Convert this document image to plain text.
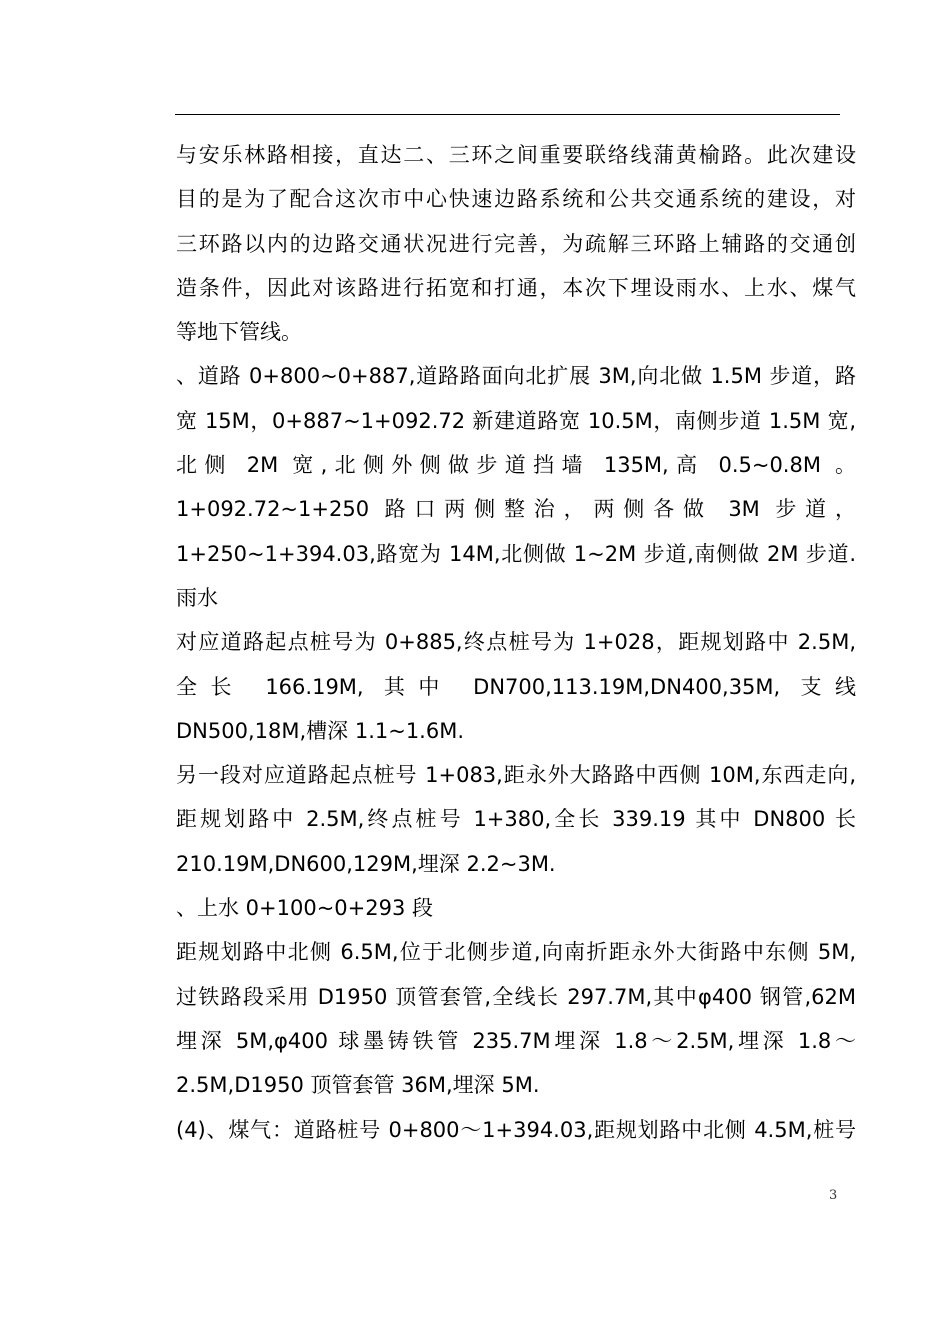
与安乐林路相接，直达二、三环之间重要联络线蒲黄榆路。此次建设
目的是为了配合这次市中心快速边路系统和公共交通系统的建设，对
三环路以内的边路交通状况进行完善，为疏解三环路上辅路的交通创
造条件，因此对该路进行拓宽和打通，本次下埋设雨水、上水、煤气
等地下管线。
、道路 0+800~0+887,道路路面向北扩展 3M,向北做 1.5M 步道，路
宽 15M，0+887~1+092.72 新建道路宽 10.5M，南侧步道 1.5M 宽,
北侧 2M 宽,北侧外侧做步道挡墙 135M,高 0.5~0.8M 。
1+092.72~1+250 路口两侧整治，两侧各做 3M 步道，
1+250~1+394.03,路宽为 14M,北侧做 1~2M 步道,南侧做 2M 步道.
雨水
对应道路起点桩号为 0+885,终点桩号为 1+028，距规划路中 2.5M,
全长 166.19M, 其中 DN700,113.19M,DN400,35M, 支线
DN500,18M,槽深 1.1~1.6M.
另一段对应道路起点桩号 1+083,距永外大路路中西侧 10M,东西走向,
距规划路中 2.5M,终点桩号 1+380,全长 339.19 其中 DN800 长
210.19M,DN600,129M,埋深 2.2~3M.
、上水 0+100~0+293 段
距规划路中北侧 6.5M,位于北侧步道,向南折距永外大街路中东侧 5M,
过铁路段采用 D1950 顶管套管,全线长 297.7M,其中φ400 钢管,62M
埋深 5M,φ400 球墨铸铁管 235.7M埋深 1.8～2.5M,埋深 1.8～
2.5M,D1950 顶管套管 36M,埋深 5M.
(4)、煤气：道路桩号 0+800～1+394.03,距规划路中北侧 4.5M,桩号
3
